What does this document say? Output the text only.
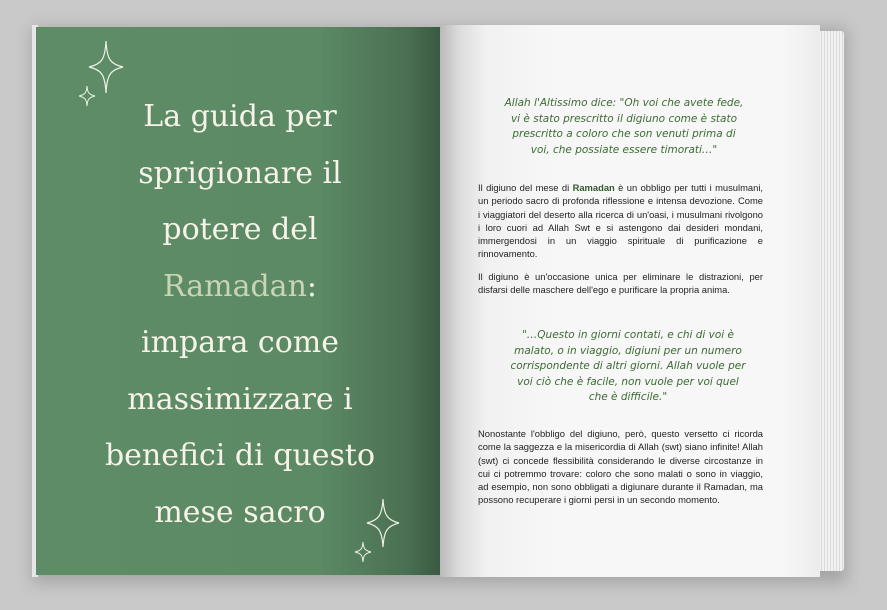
La guida per
sprigionare il
potere del
Ramadan:
impara come
massimizzare i
benefici di questo
mese sacro
Allah l'Altissimo dice: "Oh voi che avete fede,
vi è stato prescritto il digiuno come è stato
prescritto a coloro che son venuti prima di
voi, che possiate essere timorati…"
Il digiuno del mese di Ramadan è un obbligo per tutti i musulmani, un periodo sacro di profonda riflessione e intensa devozione. Come i viaggiatori del deserto alla ricerca di un'oasi, i musulmani rivolgono i loro cuori ad Allah Swt e si astengono dai desideri mondani, immergendosi in un viaggio spirituale di purificazione e rinnovamento.
Il digiuno è un'occasione unica per eliminare le distrazioni, per disfarsi delle maschere dell'ego e purificare la propria anima.
"…Questo in giorni contati, e chi di voi è
malato, o in viaggio, digiuni per un numero
corrispondente di altri giorni. Allah vuole per
voi ciò che è facile, non vuole per voi quel
che è difficile."
Nonostante l'obbligo del digiuno, però, questo versetto ci ricorda come la saggezza e la misericordia di Allah (swt) siano infinite! Allah (swt) ci concede flessibilità considerando le diverse circostanze in cui ci potremmo trovare: coloro che sono malati o sono in viaggio, ad esempio, non sono obbligati a digiunare durante il Ramadan, ma possono recuperare i giorni persi in un secondo momento.
